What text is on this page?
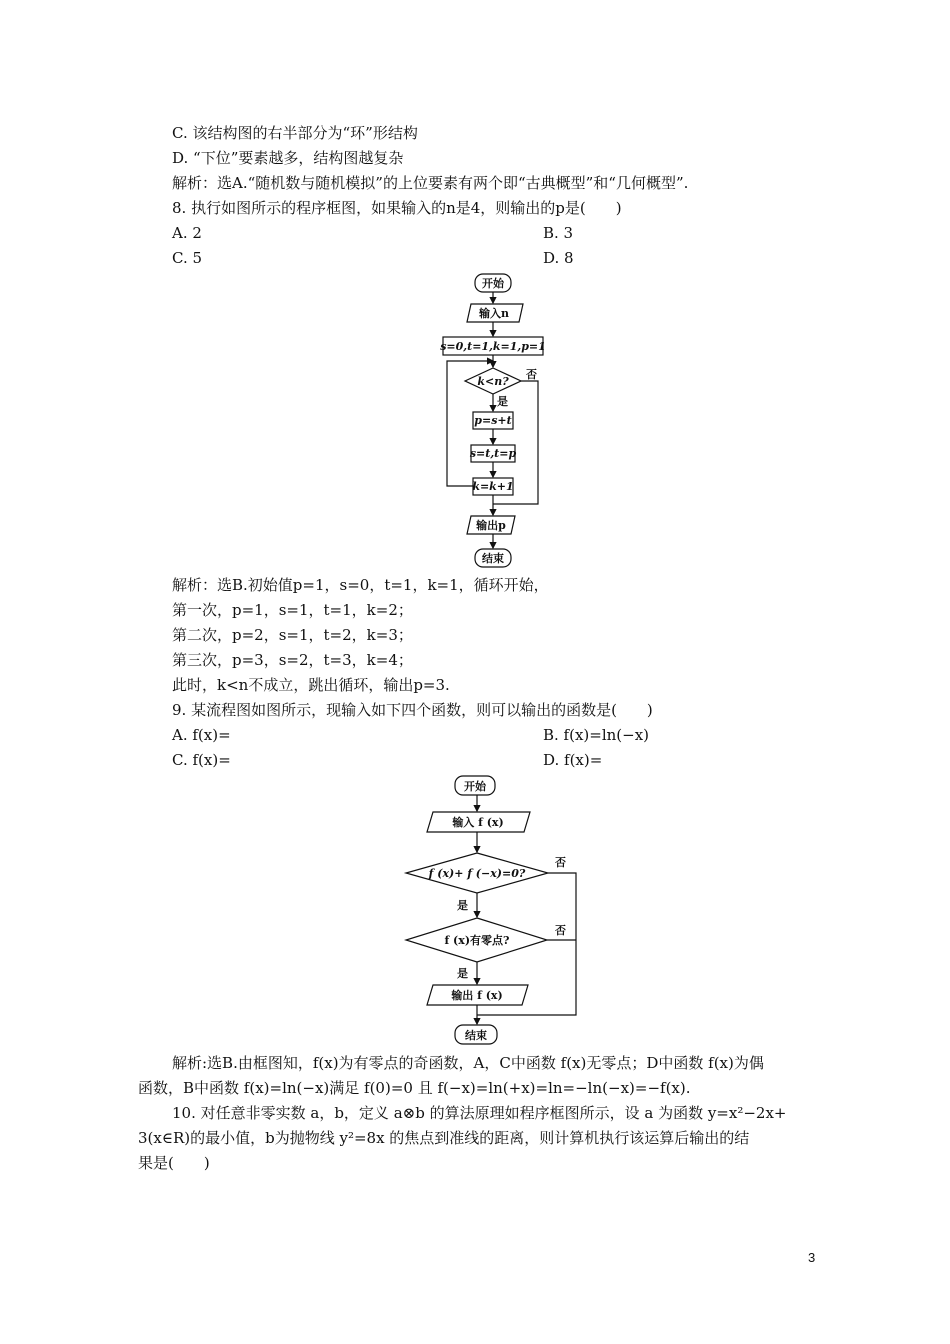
C. 该结构图的右半部分为“环”形结构
D. “下位”要素越多，结构图越复杂
解析：选A.“随机数与随机模拟”的上位要素有两个即“古典概型”和“几何概型”.
8. 执行如图所示的程序框图，如果输入的n是4，则输出的p是(　　)
A. 2	B. 3
C. 5	D. 8
开始
输入n
s=0,t=1,k=1,p=1
k<n?
否
是
p=s+t
s=t,t=p
k=k+1
输出p
结束
解析：选B.初始值p=1，s=0，t=1，k=1，循环开始，
第一次，p=1，s=1，t=1，k=2；
第二次，p=2，s=1，t=2，k=3；
第三次，p=3，s=2，t=3，k=4；
此时，k<n不成立，跳出循环，输出p=3.
9. 某流程图如图所示，现输入如下四个函数，则可以输出的函数是(　　)
A. f(x)=	B. f(x)=ln(−x)
C. f(x)=	D. f(x)=
开始
输入 f (x)
f (x)+ f (−x)=0?
否
是
f (x)有零点?
否
是
输出 f (x)
结束
解析:选B.由框图知，f(x)为有零点的奇函数，A，C中函数 f(x)无零点；D中函数 f(x)为偶
函数，B中函数 f(x)=ln(−x)满足 f(0)=0 且 f(−x)=ln(+x)=ln=−ln(−x)=−f(x).
10. 对任意非零实数 a，b，定义 a⊗b 的算法原理如程序框图所示，设 a 为函数 y=x²−2x+
3(x∈R)的最小值，b为抛物线 y²=8x 的焦点到准线的距离，则计算机执行该运算后输出的结
果是(　　)
3
